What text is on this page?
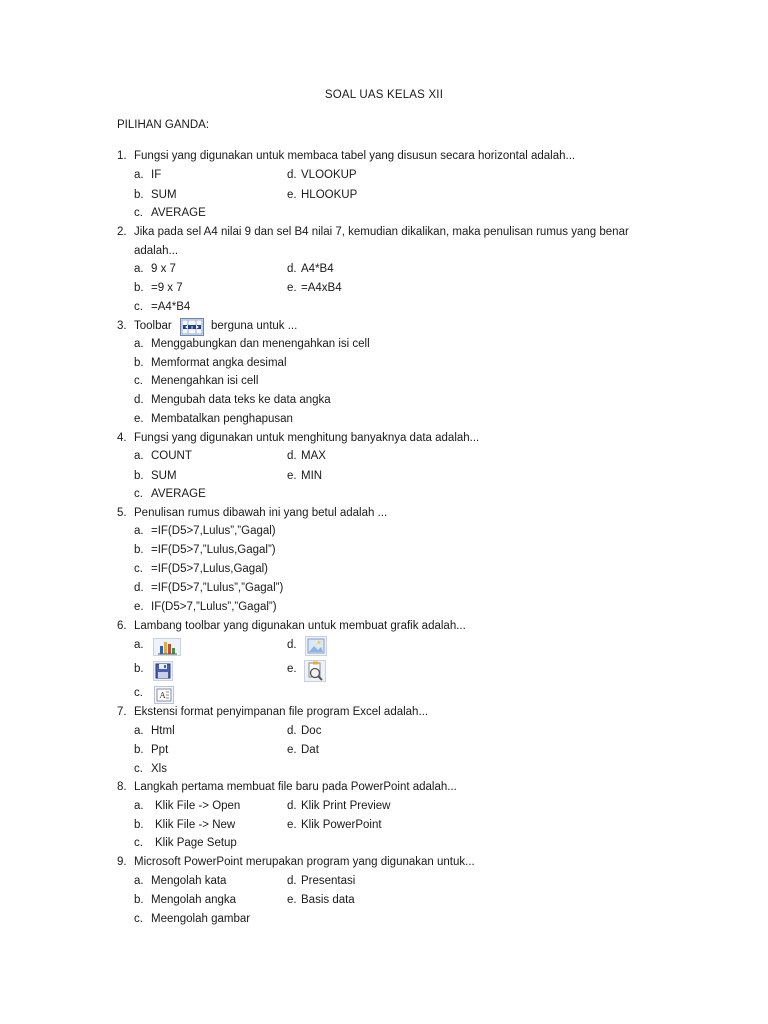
SOAL UAS KELAS XII
PILIHAN GANDA:
1. Fungsi yang digunakan untuk membaca tabel yang disusun secara horizontal adalah...
a. IF	d. VLOOKUP
b. SUM	e. HLOOKUP
c. AVERAGE
2. Jika pada sel A4 nilai 9 dan sel B4 nilai 7, kemudian dikalikan, maka penulisan rumus yang benar
adalah...
a. 9 x 7	d. A4*B4
b. =9 x 7	e. =A4xB4
c. =A4*B4
3. Toolbar	a berguna untuk ...
a. Menggabungkan dan menengahkan isi cell
b. Memformat angka desimal
c. Menengahkan isi cell
d. Mengubah data teks ke data angka
e. Membatalkan penghapusan
4. Fungsi yang digunakan untuk menghitung banyaknya data adalah...
a. COUNT	d. MAX
b. SUM	e. MIN
c. AVERAGE
5. Penulisan rumus dibawah ini yang betul adalah ...
a. =IF(D5>7,Lulus”,”Gagal)
b. =IF(D5>7,”Lulus,Gagal”)
c. =IF(D5>7,Lulus,Gagal)
d. =IF(D5>7,”Lulus”,”Gagal”)
e. IF(D5>7,”Lulus”,”Gagal”)
6. Lambang toolbar yang digunakan untuk membuat grafik adalah...
a.	d.
b.	e.
c. A
7. Ekstensi format penyimpanan file program Excel adalah...
a. Html	d. Doc
b. Ppt	e. Dat
c. Xls
8. Langkah pertama membuat file baru pada PowerPoint adalah...
a. Klik File -> Open	d. Klik Print Preview
b. Klik File -> New	e. Klik PowerPoint
c. Klik Page Setup
9. Microsoft PowerPoint merupakan program yang digunakan untuk...
a. Mengolah kata	d. Presentasi
b. Mengolah angka	e. Basis data
c. Meengolah gambar
